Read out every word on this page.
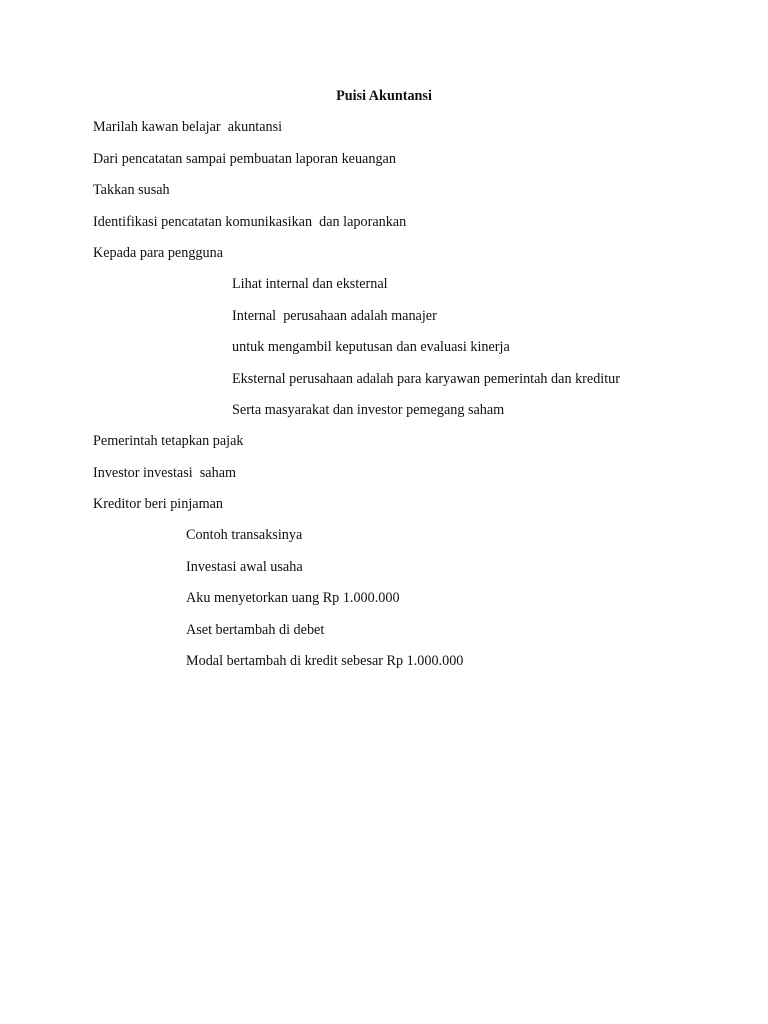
Puisi Akuntansi
Marilah kawan belajar  akuntansi
Dari pencatatan sampai pembuatan laporan keuangan
Takkan susah
Identifikasi pencatatan komunikasikan  dan laporankan
Kepada para pengguna
Lihat internal dan eksternal
Internal  perusahaan adalah manajer
untuk mengambil keputusan dan evaluasi kinerja
Eksternal perusahaan adalah para karyawan pemerintah dan kreditur
Serta masyarakat dan investor pemegang saham
Pemerintah tetapkan pajak
Investor investasi  saham
Kreditor beri pinjaman
Contoh transaksinya
Investasi awal usaha
Aku menyetorkan uang Rp 1.000.000
Aset bertambah di debet
Modal bertambah di kredit sebesar Rp 1.000.000
